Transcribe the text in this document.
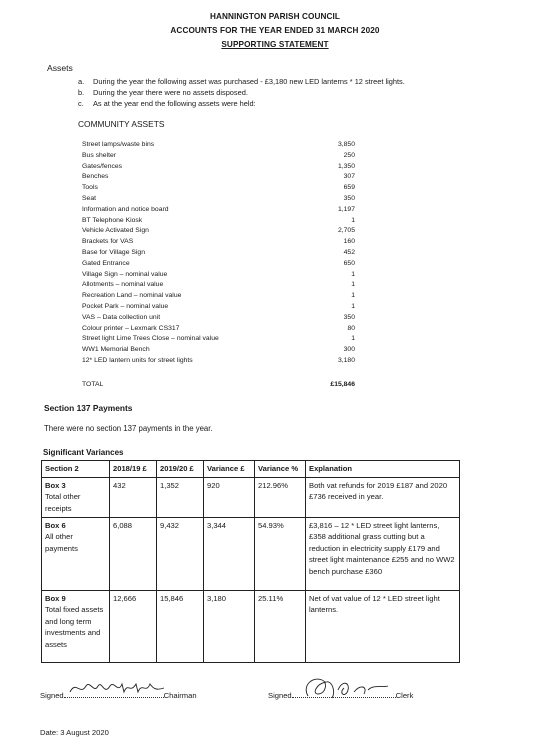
HANNINGTON PARISH COUNCIL
ACCOUNTS FOR THE YEAR ENDED 31 MARCH 2020
SUPPORTING STATEMENT
Assets
a. During the year the following asset was purchased - £3,180 new LED lanterns * 12 street lights.
b. During the year there were no assets disposed.
c. As at the year end the following assets were held:
COMMUNITY ASSETS
Street lamps/waste bins	3,850
Bus shelter	250
Gates/fences	1,350
Benches	307
Tools	659
Seat	350
Information and notice board	1,197
BT Telephone Kiosk	1
Vehicle Activated Sign	2,705
Brackets for VAS	160
Base for Village Sign	452
Gated Entrance	650
Village Sign – nominal value	1
Allotments – nominal value	1
Recreation Land – nominal value	1
Pocket Park – nominal value	1
VAS – Data collection unit	350
Colour printer – Lexmark CS317	80
Street light Lime Trees Close – nominal value	1
WW1 Memorial Bench	300
12* LED lantern units for street lights	3,180
TOTAL	£15,846
Section 137 Payments
There were no section 137 payments in the year.
Significant Variances
Section 2	2018/19 £	2019/20 £	Variance £	Variance %	Explanation
Box 3
Total other receipts	432	1,352	920	212.96%	Both vat refunds for 2019 £187 and 2020 £736 received in year.
Box 6
All other payments	6,088	9,432	3,344	54.93%	£3,816 – 12 * LED street light lanterns, £358 additional grass cutting but a reduction in electricity supply £179 and street light maintenance £255 and no WW2 bench purchase £360
Box 9
Total fixed assets and long term investments and assets	12,666	15,846	3,180	25.11%	Net of vat value of 12 * LED street light lanterns.
Signed	Chairman	Signed	Clerk
Date: 3 August 2020
